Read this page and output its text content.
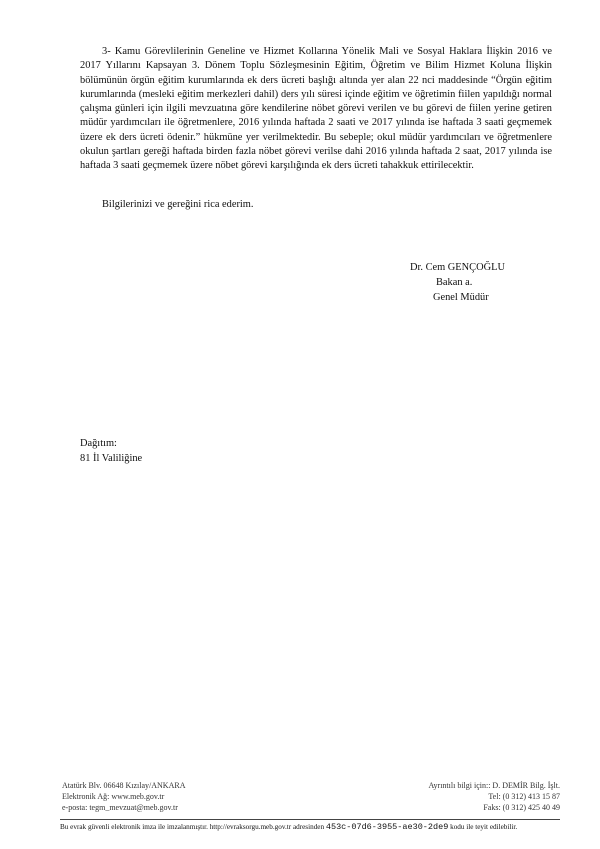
3- Kamu Görevlilerinin Geneline ve Hizmet Kollarına Yönelik Mali ve Sosyal Haklara İlişkin 2016 ve 2017 Yıllarını Kapsayan 3. Dönem Toplu Sözleşmesinin Eğitim, Öğretim ve Bilim Hizmet Koluna İlişkin bölümünün örgün eğitim kurumlarında ek ders ücreti başlığı altında yer alan 22 nci maddesinde “Örgün eğitim kurumlarında (mesleki eğitim merkezleri dahil) ders yılı süresi içinde eğitim ve öğretimin fiilen yapıldığı normal çalışma günleri için ilgili mevzuatına göre kendilerine nöbet görevi verilen ve bu görevi de fiilen yerine getiren müdür yardımcıları ile öğretmenlere, 2016 yılında haftada 2 saati ve 2017 yılında ise haftada 3 saati geçmemek üzere ek ders ücreti ödenir.” hükmüne yer verilmektedir. Bu sebeple; okul müdür yardımcıları ve öğretmenlere okulun şartları gereği haftada birden fazla nöbet görevi verilse dahi 2016 yılında haftada 2 saat, 2017 yılında ise haftada 3 saati geçmemek üzere nöbet görevi karşılığında ek ders ücreti tahakkuk ettirilecektir.

Bilgilerinizi ve gereğini rica ederim.

Dr. Cem GENÇOĞLU
Bakan a.
Genel Müdür
Dağıtım:
81 İl Valiliğine
Atatürk Blv. 06648 Kızılay/ANKARA
Elektronik Ağ: www.meb.gov.tr
e-posta: tegm_mevzuat@meb.gov.tr
Ayrıntılı bilgi için:: D. DEMİR Bilg. İşlt.
Tel: (0 312) 413 15 87
Faks: (0 312) 425 40 49
Bu evrak güvenli elektronik imza ile imzalanmıştır. http://evraksorgu.meb.gov.tr adresinden 453c-07d6-3955-ae30-2de9 kodu ile teyit edilebilir.
